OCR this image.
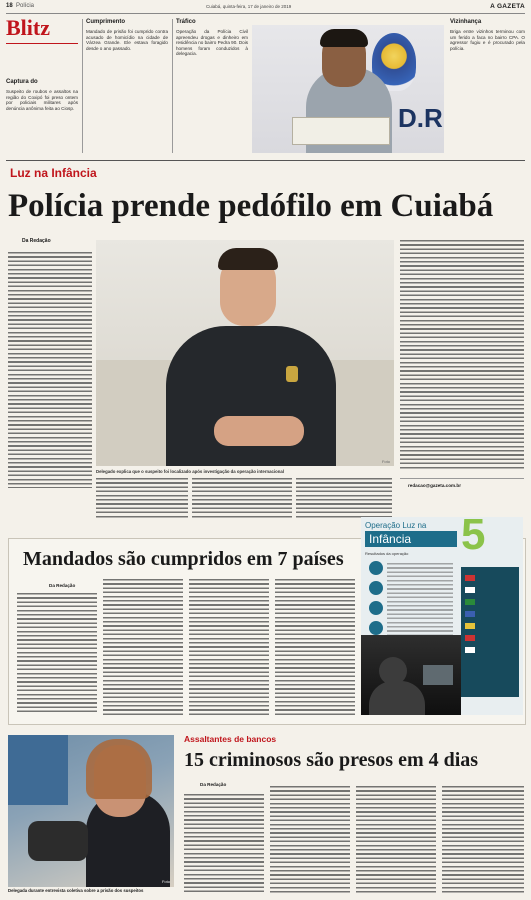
18 Polícia	Cuiabá, quinta-feira, 17 de janeiro de 2019	A GAZETA
Blitz
Captura do
Suspeito de roubos e assaltos na região do Coxipó foi preso ontem por policiais militares após denúncia anônima feita ao Ciosp.
Cumprimento
Mandado de prisão foi cumprido contra acusado de homicídio na cidade de Várzea Grande. Ele estava foragido desde o ano passado.
Tráfico
Operação da Polícia Civil apreendeu drogas e dinheiro em residência no bairro Pedra 90. Dois homens foram conduzidos à delegacia.
D.R
Vizinhança
Briga entre vizinhos terminou com um ferido a faca no bairro CPA. O agressor fugiu e é procurado pela polícia.
Luz na Infância
Polícia prende pedófilo em Cuiabá
Da Redação
Foto
Delegado explica que o suspeito foi localizado após investigação da operação internacional
redacao@gazeta.com.br
Mandados são cumpridos em 7 países
Da Redação
Operação Luz na
Infância 5
Resultados da operação
Foto
Delegada durante entrevista coletiva sobre a prisão dos suspeitos
Assaltantes de bancos
15 criminosos são presos em 4 dias
Da Redação
